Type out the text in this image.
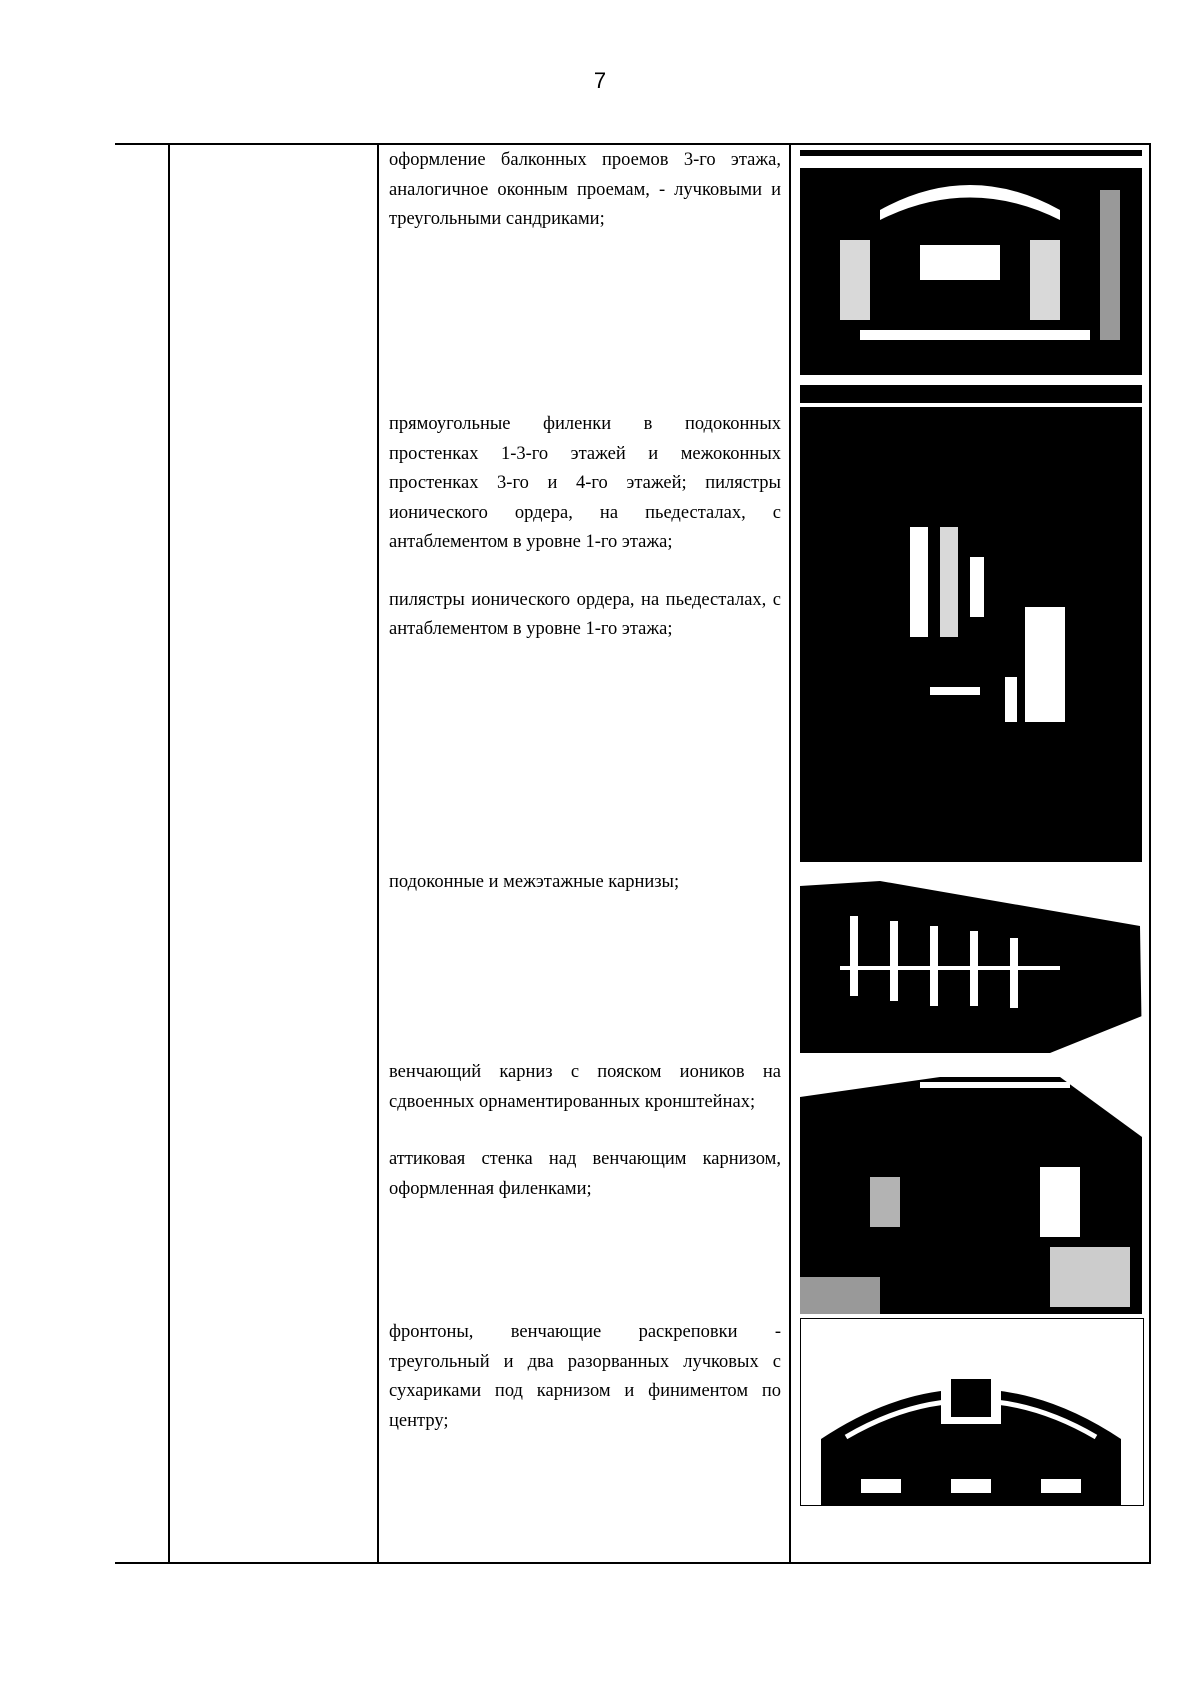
7

оформление балконных проемов 3-го этажа, аналогичное оконным проемам, - лучковыми и треугольными сандриками;

прямоугольные филенки в подоконных простенках 1-3-го этажей и межоконных простенках 3-го и 4-го этажей; пилястры ионического ордера, на пьедесталах, с антаблементом в уровне 1-го этажа;

пилястры ионического ордера, на пьедесталах, с антаблементом в уровне 1-го этажа;

подоконные и межэтажные карнизы;

венчающий карниз с пояском иоников на сдвоенных орнаментированных кронштейнах;

аттиковая стенка над венчающим карнизом, оформленная филенками;

фронтоны, венчающие раскреповки - треугольный и два разорванных лучковых с сухариками под карнизом и финиментом по центру;
